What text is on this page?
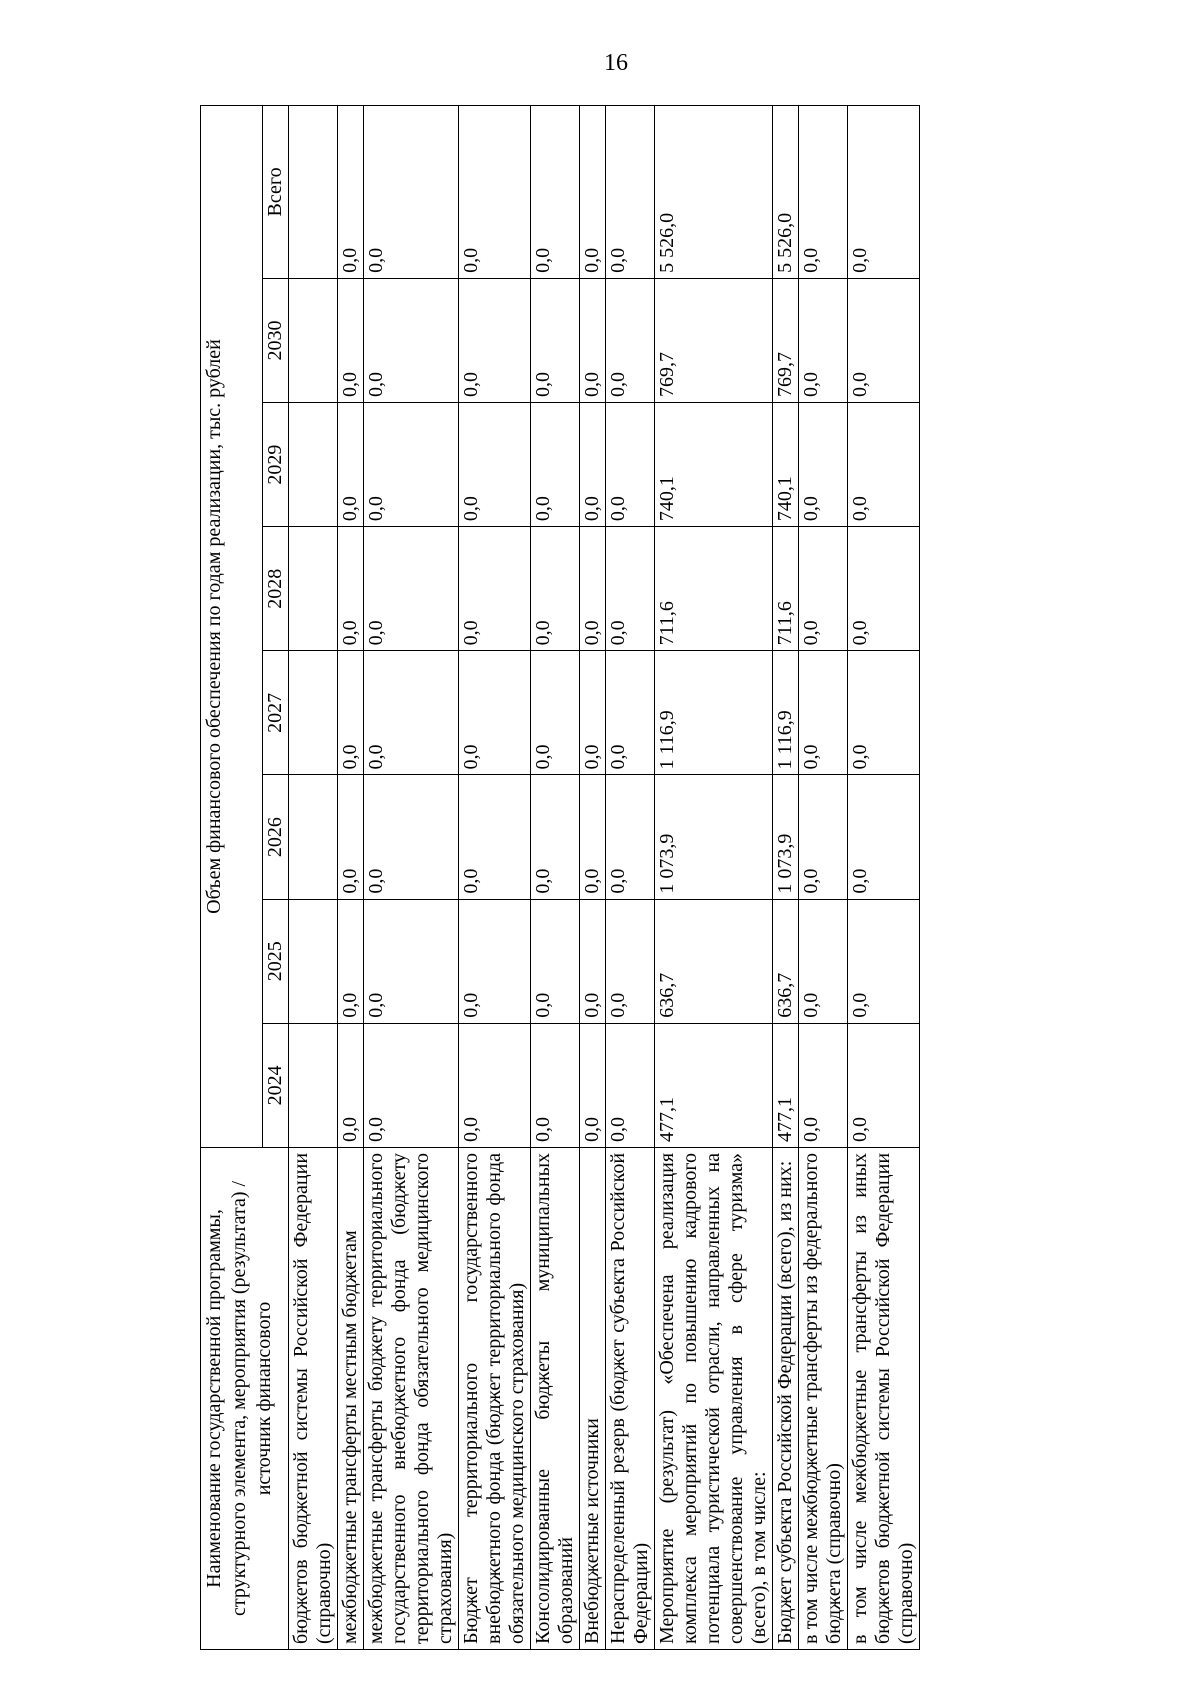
16
Наименование государственной программы, структурного элемента, мероприятия (результата) / источник финансового	Объем финансового обеспечения по годам реализации, тыс. рублей							
	2024	2025	2026	2027	2028	2029	2030	Всего
бюджетов бюджетной системы Российской Федерации (справочно)								
межбюджетные трансферты местным бюджетам	0,0	0,0	0,0	0,0	0,0	0,0	0,0	0,0
межбюджетные трансферты бюджету территориального государственного внебюджетного фонда (бюджету территориального фонда обязательного медицинского страхования)	0,0	0,0	0,0	0,0	0,0	0,0	0,0	0,0
Бюджет территориального государственного внебюджетного фонда (бюджет территориального фонда обязательного медицинского страхования)	0,0	0,0	0,0	0,0	0,0	0,0	0,0	0,0
Консолидированные бюджеты муниципальных образований	0,0	0,0	0,0	0,0	0,0	0,0	0,0	0,0
Внебюджетные источники	0,0	0,0	0,0	0,0	0,0	0,0	0,0	0,0
Нераспределенный резерв (бюджет субъекта Российской Федерации)	0,0	0,0	0,0	0,0	0,0	0,0	0,0	0,0
Мероприятие (результат) «Обеспечена реализация комплекса мероприятий по повышению кадрового потенциала туристической отрасли, направленных на совершенствование управления в сфере туризма» (всего), в том числе:	477,1	636,7	1 073,9	1 116,9	711,6	740,1	769,7	5 526,0
Бюджет субъекта Российской Федерации (всего), из них:	477,1	636,7	1 073,9	1 116,9	711,6	740,1	769,7	5 526,0
в том числе межбюджетные трансферты из федерального бюджета (справочно)	0,0	0,0	0,0	0,0	0,0	0,0	0,0	0,0
в том числе межбюджетные трансферты из иных бюджетов бюджетной системы Российской Федерации (справочно)	0,0	0,0	0,0	0,0	0,0	0,0	0,0	0,0
